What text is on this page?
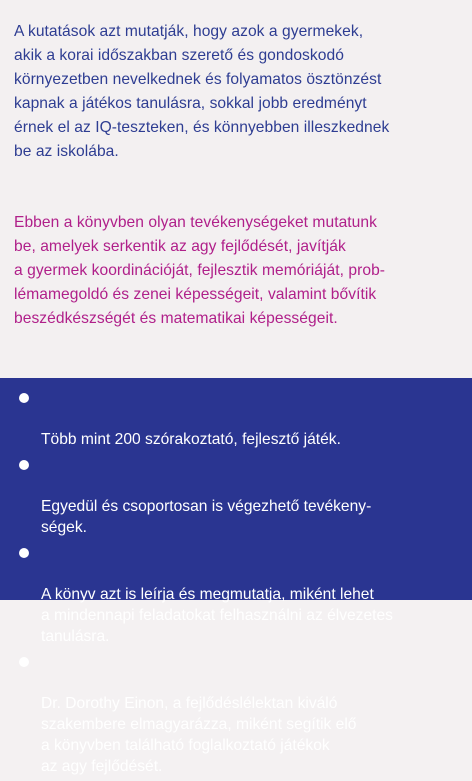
A kutatások azt mutatják, hogy azok a gyermekek,
akik a korai időszakban szerető és gondoskodó
környezetben nevelkednek és folyamatos ösztönzést
kapnak a játékos tanulásra, sokkal jobb eredményt
érnek el az IQ-teszteken, és könnyebben illeszkednek
be az iskolába.

Ebben a könyvben olyan tevékenységeket mutatunk
be, amelyek serkentik az agy fejlődését, javítják
a gyermek koordinációját, fejlesztik memóriáját, prob-
lémamegoldó és zenei képességeit, valamint bővítik
beszédkészségét és matematikai képességeit.

Több mint 200 szórakoztató, fejlesztő játék.

Egyedül és csoportosan is végezhető tevékeny-
ségek.

A könyv azt is leírja és megmutatja, miként lehet
a mindennapi feladatokat felhasználni az élvezetes
tanulásra.

Dr. Dorothy Einon, a fejlődéslélektan kiváló
szakembere elmagyarázza, miként segítik elő
a könyvben található foglalkoztató játékok
az agy fejlődését.
